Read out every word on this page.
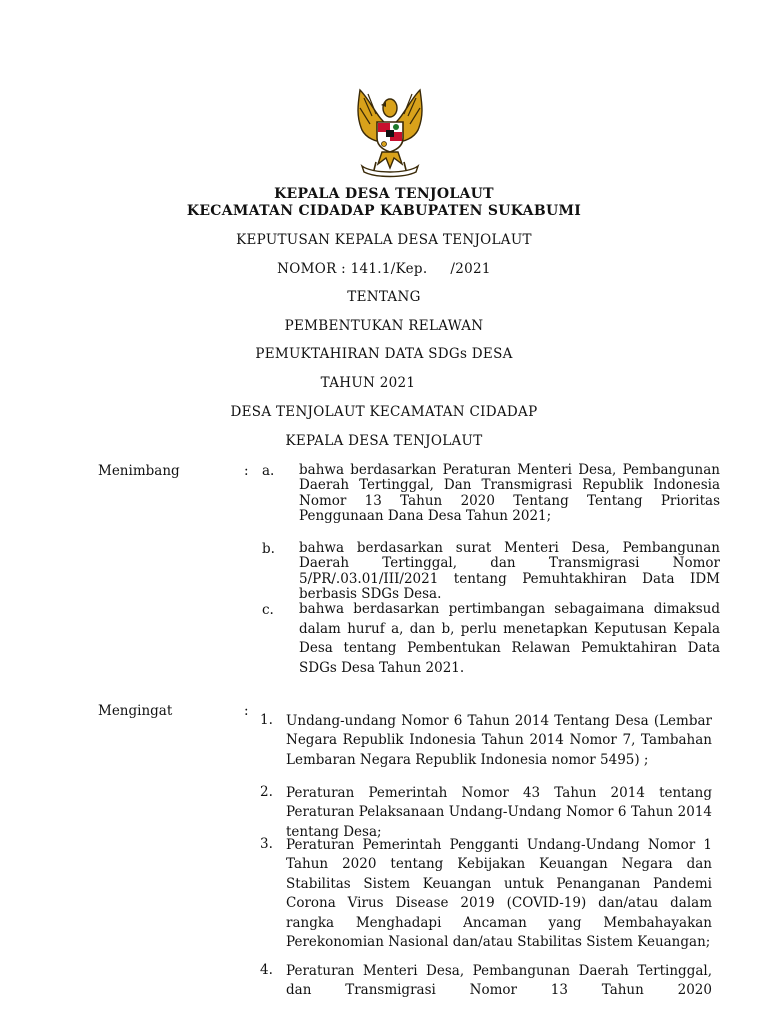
KEPALA DESA TENJOLAUT
KECAMATAN CIDADAP KABUPATEN SUKABUMI
KEPUTUSAN KEPALA DESA TENJOLAUT
NOMOR : 141.1/Kep.     /2021
TENTANG
PEMBENTUKAN RELAWAN
PEMUKTAHIRAN DATA SDGs DESA
TAHUN 2021
DESA TENJOLAUT KECAMATAN CIDADAP
KEPALA DESA TENJOLAUT
Menimbang	: a. bahwa berdasarkan Peraturan Menteri Desa, Pembangunan Daerah Tertinggal, Dan Transmigrasi Republik Indonesia Nomor 13 Tahun 2020 Tentang Tentang Prioritas Penggunaan Dana Desa Tahun 2021;
b. bahwa berdasarkan surat Menteri Desa, Pembangunan Daerah Tertinggal, dan Transmigrasi Nomor 5/PR/.03.01/III/2021 tentang Pemuhtakhiran Data IDM berbasis SDGs Desa.
c. bahwa berdasarkan pertimbangan sebagaimana dimaksud dalam huruf a, dan b, perlu menetapkan Keputusan Kepala Desa tentang Pembentukan Relawan Pemuktahiran Data SDGs Desa Tahun 2021.
Mengingat	:
1. Undang-undang Nomor 6 Tahun 2014 Tentang Desa (Lembar Negara Republik Indonesia Tahun 2014 Nomor 7, Tambahan Lembaran Negara Republik Indonesia nomor 5495) ;
2. Peraturan Pemerintah Nomor 43 Tahun 2014 tentang Peraturan Pelaksanaan Undang-Undang Nomor 6 Tahun 2014 tentang Desa;
3. Peraturan Pemerintah Pengganti Undang-Undang Nomor 1 Tahun 2020 tentang Kebijakan Keuangan Negara dan Stabilitas Sistem Keuangan untuk Penanganan Pandemi Corona Virus Disease 2019 (COVID-19) dan/atau dalam rangka Menghadapi Ancaman yang Membahayakan Perekonomian Nasional dan/atau Stabilitas Sistem Keuangan;
4. Peraturan Menteri Desa, Pembangunan Daerah Tertinggal, dan Transmigrasi Nomor 13 Tahun 2020
